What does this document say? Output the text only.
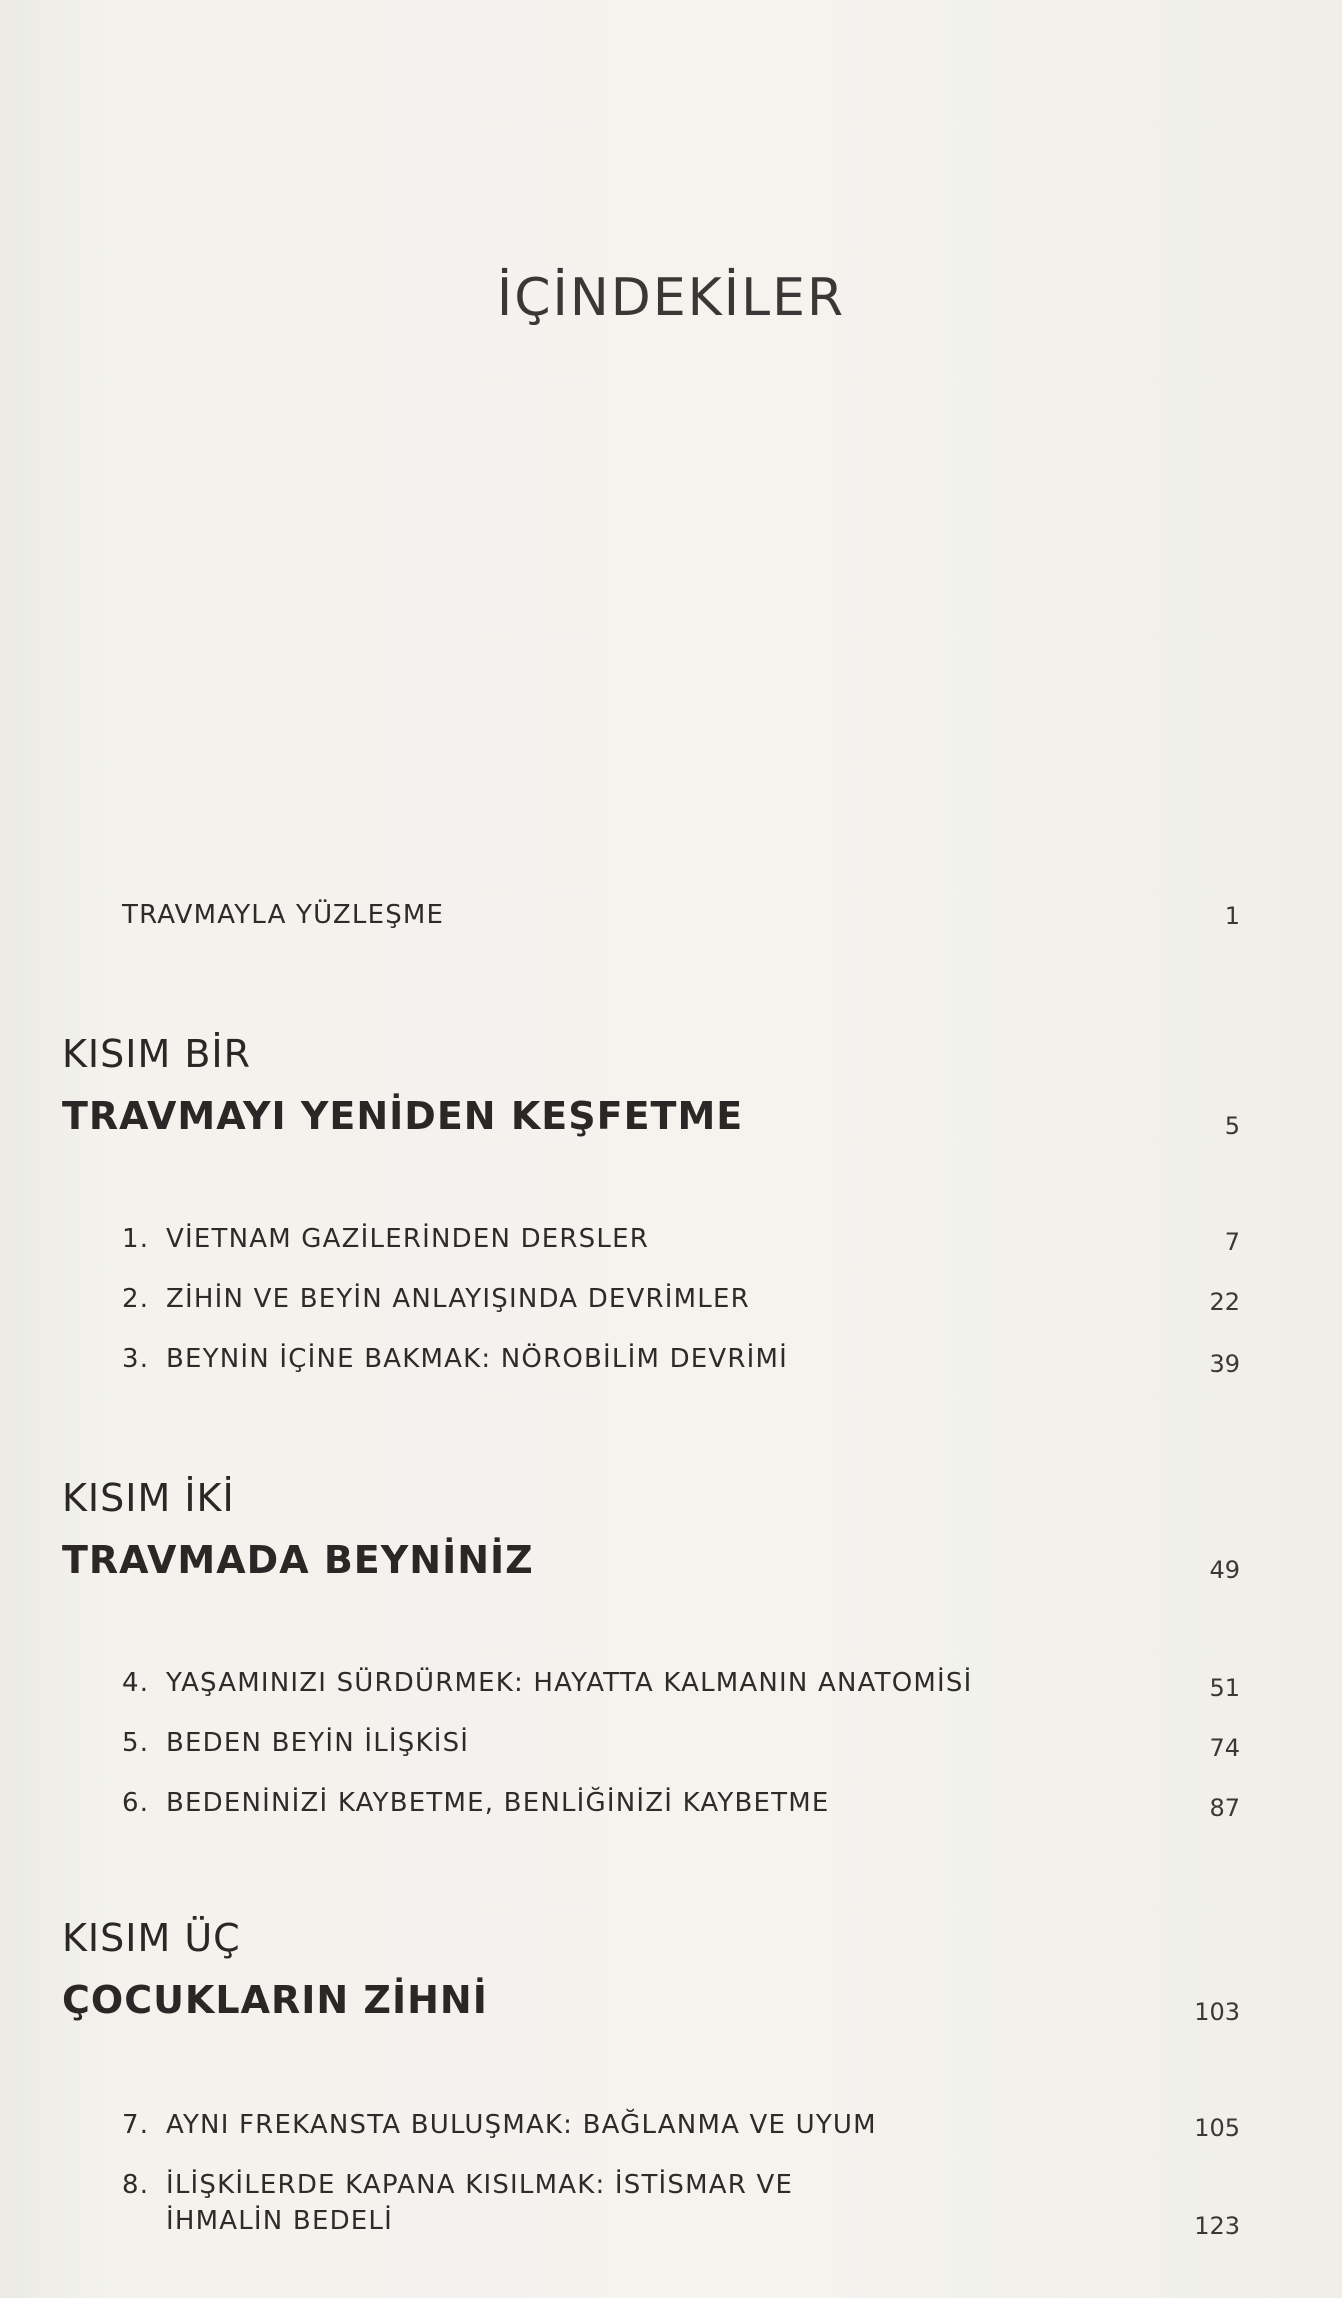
İÇİNDEKİLER
TRAVMAYLA YÜZLEŞME	1
KISIM BİR
TRAVMAYI YENİDEN KEŞFETME	5
1. VİETNAM GAZİLERİNDEN DERSLER	7
2. ZİHİN VE BEYİN ANLAYIŞINDA DEVRİMLER	22
3. BEYNİN İÇİNE BAKMAK: NÖROBİLİM DEVRİMİ	39
KISIM İKİ
TRAVMADA BEYNİNİZ	49
4. YAŞAMINIZI SÜRDÜRMEK: HAYATTA KALMANIN ANATOMİSİ	51
5. BEDEN BEYİN İLİŞKİSİ	74
6. BEDENİNİZİ KAYBETME, BENLİĞİNİZİ KAYBETME	87
KISIM ÜÇ
ÇOCUKLARIN ZİHNİ	103
7. AYNI FREKANSTA BULUŞMAK: BAĞLANMA VE UYUM	105
8. İLİŞKİLERDE KAPANA KISILMAK: İSTİSMAR VE
İHMALİN BEDELİ	123
